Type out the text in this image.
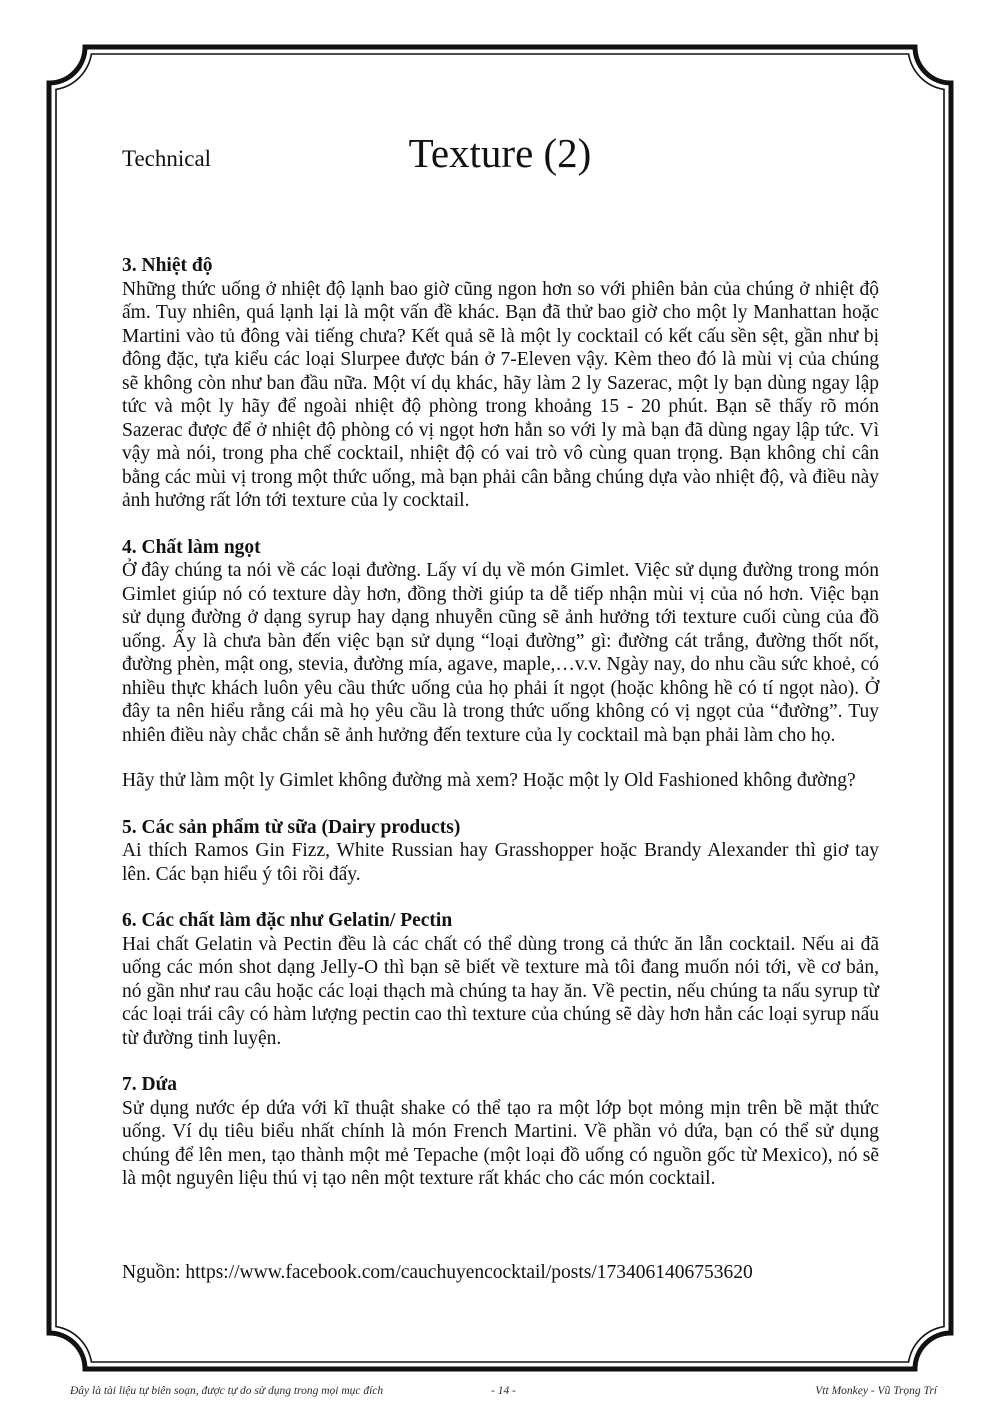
Technical	Texture (2)
3. Nhiệt độ

Những thức uống ở nhiệt độ lạnh bao giờ cũng ngon hơn so với phiên bản của chúng ở nhiệt độ ấm. Tuy nhiên, quá lạnh lại là một vấn đề khác. Bạn đã thử bao giờ cho một ly Manhattan hoặc Martini vào tủ đông vài tiếng chưa? Kết quả sẽ là một ly cocktail có kết cấu sền sệt, gần như bị đông đặc, tựa kiểu các loại Slurpee được bán ở 7-Eleven vậy. Kèm theo đó là mùi vị của chúng sẽ không còn như ban đầu nữa. Một ví dụ khác, hãy làm 2 ly Sazerac, một ly bạn dùng ngay lập tức và một ly hãy để ngoài nhiệt độ phòng trong khoảng 15 - 20 phút. Bạn sẽ thấy rõ món Sazerac được để ở nhiệt độ phòng có vị ngọt hơn hẳn so với ly mà bạn đã dùng ngay lập tức. Vì vậy mà nói, trong pha chế cocktail, nhiệt độ có vai trò vô cùng quan trọng. Bạn không chỉ cân bằng các mùi vị trong một thức uống, mà bạn phải cân bằng chúng dựa vào nhiệt độ, và điều này ảnh hưởng rất lớn tới texture của ly cocktail.

4. Chất làm ngọt

Ở đây chúng ta nói về các loại đường. Lấy ví dụ về món Gimlet. Việc sử dụng đường trong món Gimlet giúp nó có texture dày hơn, đồng thời giúp ta dễ tiếp nhận mùi vị của nó hơn. Việc bạn sử dụng đường ở dạng syrup hay dạng nhuyễn cũng sẽ ảnh hưởng tới texture cuối cùng của đồ uống. Ấy là chưa bàn đến việc bạn sử dụng “loại đường” gì: đường cát trắng, đường thốt nốt, đường phèn, mật ong, stevia, đường mía, agave, maple,…v.v. Ngày nay, do nhu cầu sức khoẻ, có nhiều thực khách luôn yêu cầu thức uống của họ phải ít ngọt (hoặc không hề có tí ngọt nào). Ở đây ta nên hiểu rằng cái mà họ yêu cầu là trong thức uống không có vị ngọt của “đường”. Tuy nhiên điều này chắc chắn sẽ ảnh hưởng đến texture của ly cocktail mà bạn phải làm cho họ.

Hãy thử làm một ly Gimlet không đường mà xem? Hoặc một ly Old Fashioned không đường?

5. Các sản phẩm từ sữa (Dairy products)

Ai thích Ramos Gin Fizz, White Russian hay Grasshopper hoặc Brandy Alexander thì giơ tay lên. Các bạn hiểu ý tôi rồi đấy.

6. Các chất làm đặc như Gelatin/ Pectin

Hai chất Gelatin và Pectin đều là các chất có thể dùng trong cả thức ăn lẫn cocktail. Nếu ai đã uống các món shot dạng Jelly-O thì bạn sẽ biết về texture mà tôi đang muốn nói tới, về cơ bản, nó gần như rau câu hoặc các loại thạch mà chúng ta hay ăn. Về pectin, nếu chúng ta nấu syrup từ các loại trái cây có hàm lượng pectin cao thì texture của chúng sẽ dày hơn hẳn các loại syrup nấu từ đường tinh luyện.

7. Dứa

Sử dụng nước ép dứa với kĩ thuật shake có thể tạo ra một lớp bọt mỏng mịn trên bề mặt thức uống. Ví dụ tiêu biểu nhất chính là món French Martini. Về phần vỏ dứa, bạn có thể sử dụng chúng để lên men, tạo thành một mẻ Tepache (một loại đồ uống có nguồn gốc từ Mexico), nó sẽ là một nguyên liệu thú vị tạo nên một texture rất khác cho các món cocktail.

Nguồn: https://www.facebook.com/cauchuyencocktail/posts/1734061406753620
Đây là tài liệu tự biên soạn, được tự do sử dụng trong mọi mục đích	- 14 -	Vtt Monkey - Vũ Trọng Trí
